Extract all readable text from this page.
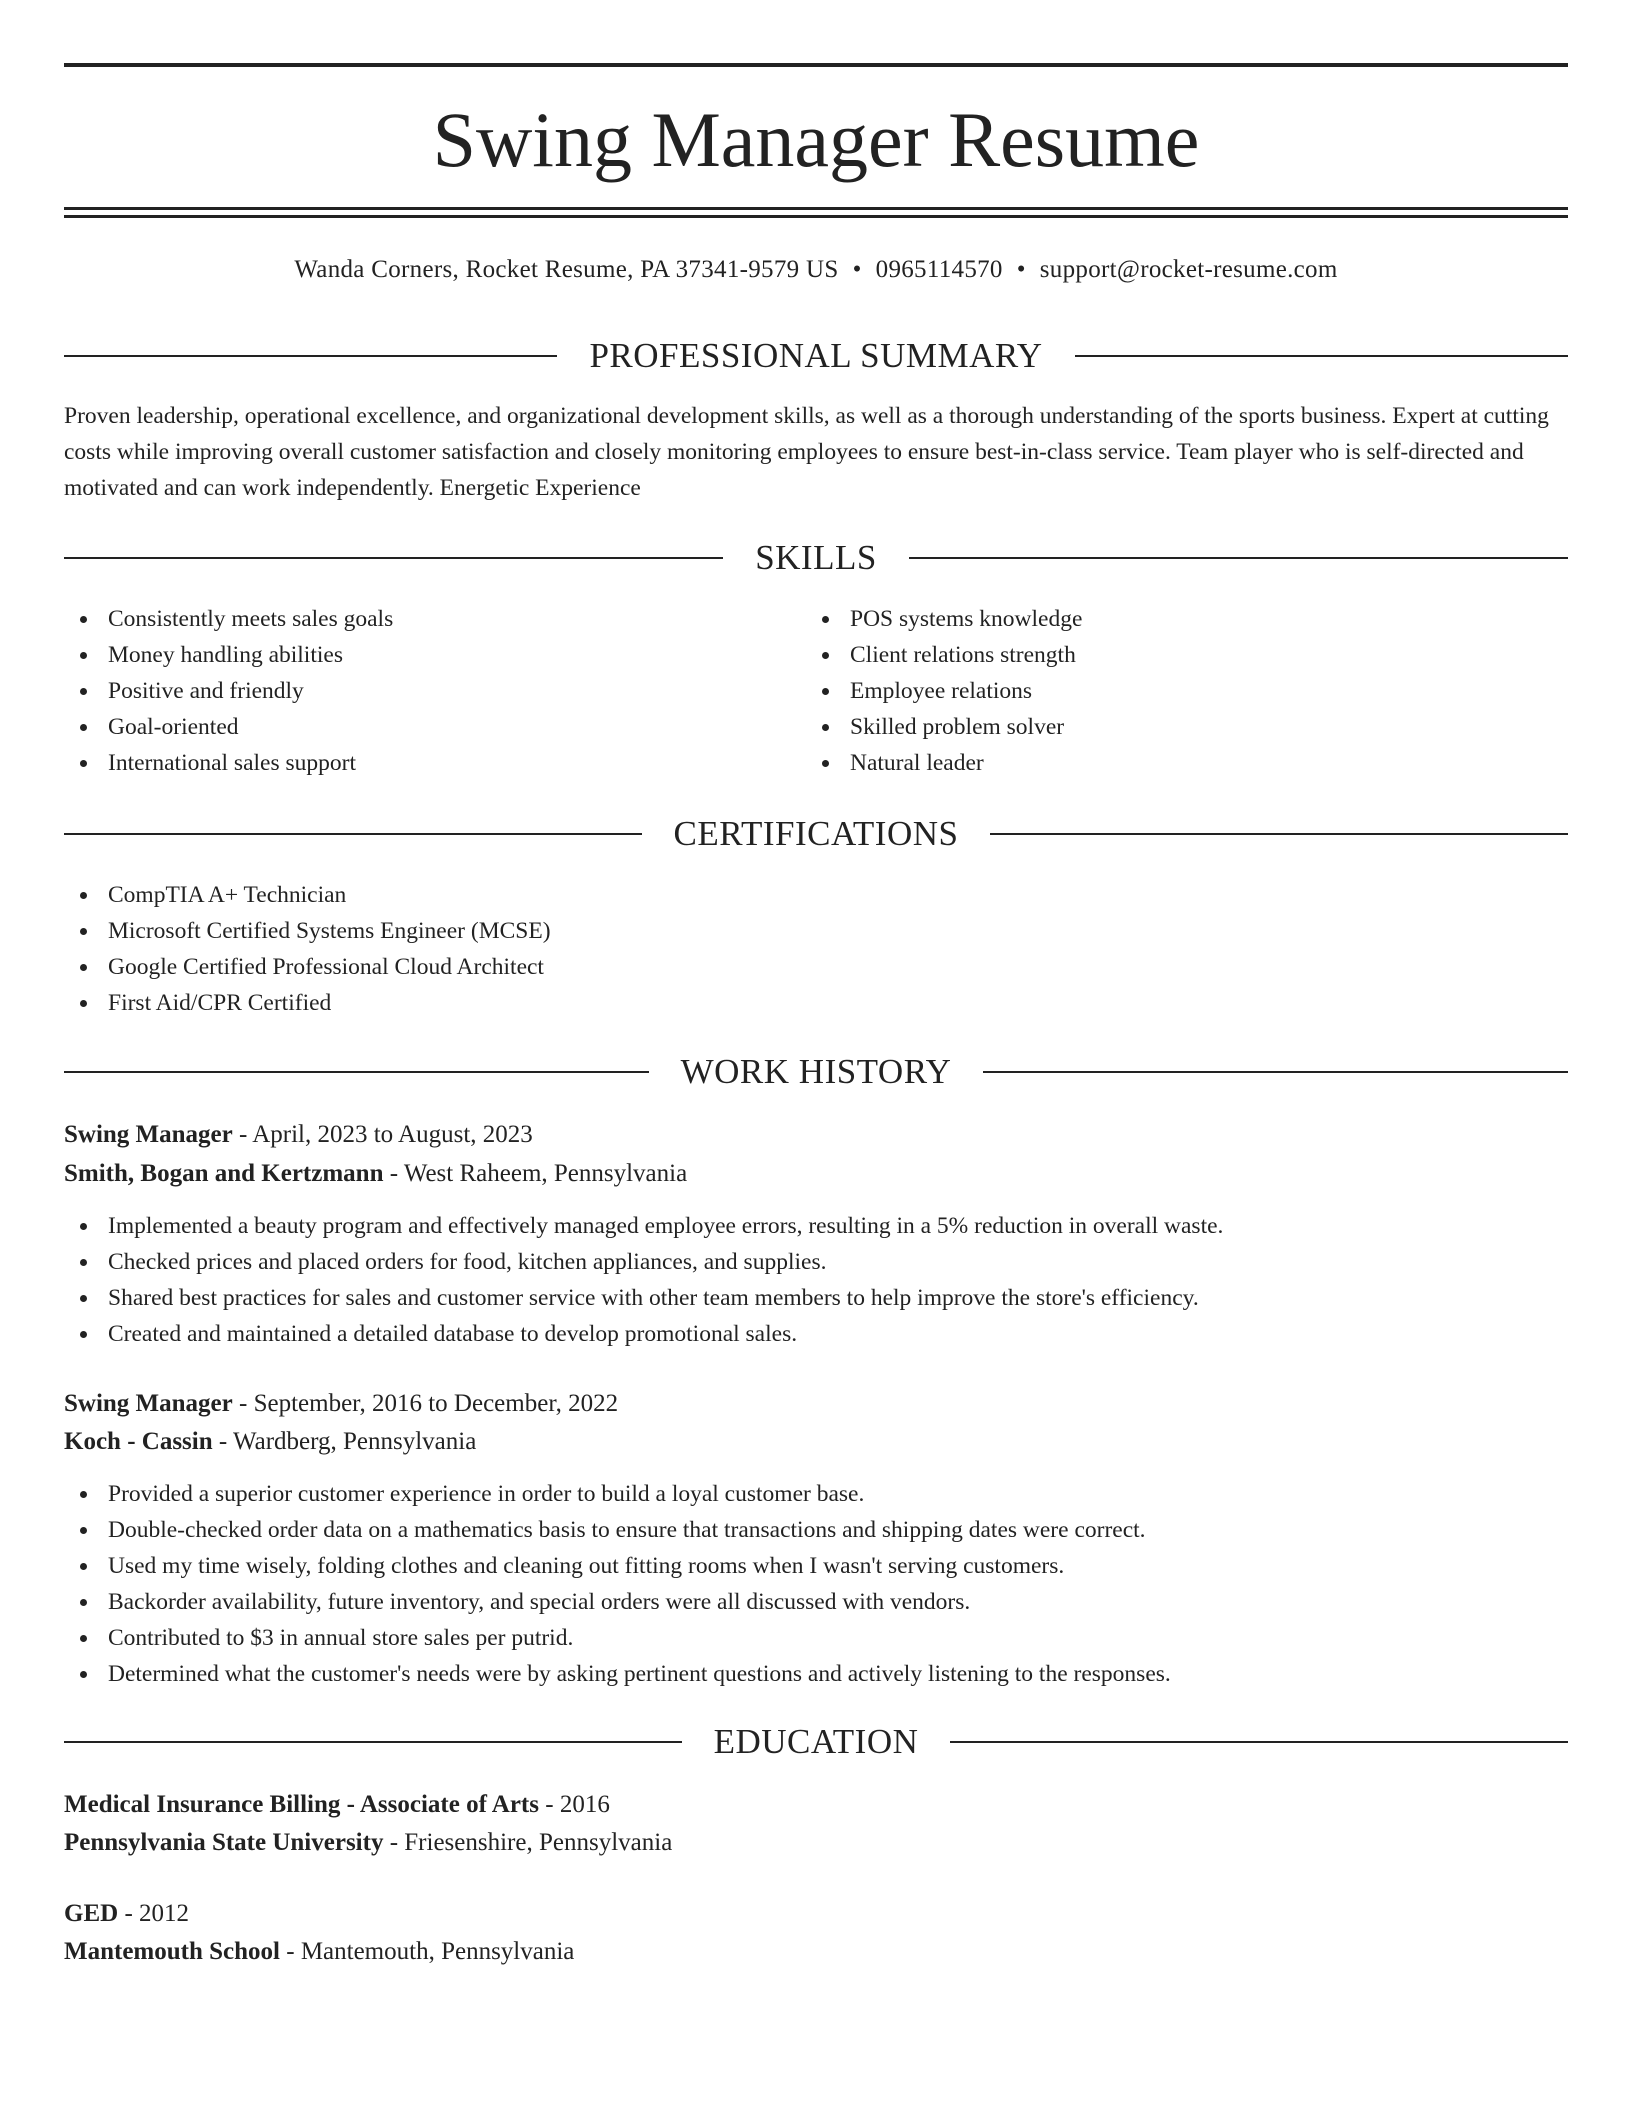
Swing Manager Resume
Wanda Corners, Rocket Resume, PA 37341-9579 US • 0965114570 • support@rocket-resume.com
PROFESSIONAL SUMMARY

Proven leadership, operational excellence, and organizational development skills, as well as a thorough understanding of the sports business. Expert at cutting costs while improving overall customer satisfaction and closely monitoring employees to ensure best-in-class service. Team player who is self-directed and motivated and can work independently. Energetic Experience

SKILLS
Consistently meets sales goals
Money handling abilities
Positive and friendly
Goal-oriented
International sales support
POS systems knowledge
Client relations strength
Employee relations
Skilled problem solver
Natural leader
CERTIFICATIONS
CompTIA A+ Technician
Microsoft Certified Systems Engineer (MCSE)
Google Certified Professional Cloud Architect
First Aid/CPR Certified
WORK HISTORY
Swing Manager - April, 2023 to August, 2023
Smith, Bogan and Kertzmann - West Raheem, Pennsylvania
Implemented a beauty program and effectively managed employee errors, resulting in a 5% reduction in overall waste.
Checked prices and placed orders for food, kitchen appliances, and supplies.
Shared best practices for sales and customer service with other team members to help improve the store's efficiency.
Created and maintained a detailed database to develop promotional sales.
Swing Manager - September, 2016 to December, 2022
Koch - Cassin - Wardberg, Pennsylvania
Provided a superior customer experience in order to build a loyal customer base.
Double-checked order data on a mathematics basis to ensure that transactions and shipping dates were correct.
Used my time wisely, folding clothes and cleaning out fitting rooms when I wasn't serving customers.
Backorder availability, future inventory, and special orders were all discussed with vendors.
Contributed to $3 in annual store sales per putrid.
Determined what the customer's needs were by asking pertinent questions and actively listening to the responses.
EDUCATION
Medical Insurance Billing - Associate of Arts - 2016
Pennsylvania State University - Friesenshire, Pennsylvania
GED - 2012
Mantemouth School - Mantemouth, Pennsylvania
